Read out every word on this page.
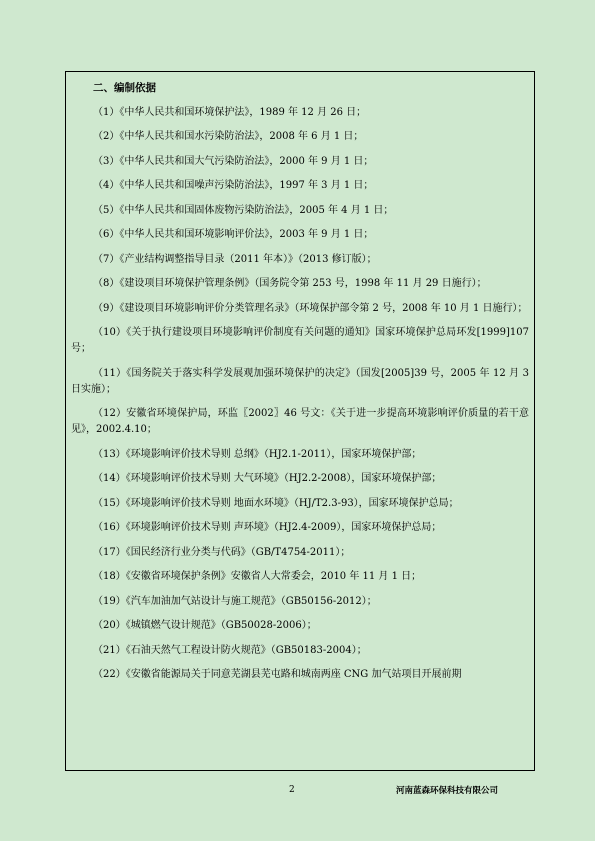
二、编制依据

（1）《中华人民共和国环境保护法》，1989 年 12 月 26 日；

（2）《中华人民共和国水污染防治法》，2008 年 6 月 1 日；

（3）《中华人民共和国大气污染防治法》，2000 年 9 月 1 日；

（4）《中华人民共和国噪声污染防治法》，1997 年 3 月 1 日；

（5）《中华人民共和国固体废物污染防治法》，2005 年 4 月 1 日；

（6）《中华人民共和国环境影响评价法》，2003 年 9 月 1 日；

（7）《产业结构调整指导目录（2011 年本）》（2013 修订版）；

（8）《建设项目环境保护管理条例》（国务院令第 253 号，1998 年 11 月 29 日施行）；

（9）《建设项目环境影响评价分类管理名录》（环境保护部令第 2 号，2008 年 10 月 1 日施行）；

（10）《关于执行建设项目环境影响评价制度有关问题的通知》国家环境保护总局环发[1999]107 号；

（11）《国务院关于落实科学发展观加强环境保护的决定》（国发[2005]39 号，2005 年 12 月 3 日实施）；

（12）安徽省环境保护局，环监〖2002〗46 号文：《关于进一步提高环境影响评价质量的若干意见》，2002.4.10；

（13）《环境影响评价技术导则 总纲》（HJ2.1-2011），国家环境保护部；

（14）《环境影响评价技术导则 大气环境》（HJ2.2-2008），国家环境保护部；

（15）《环境影响评价技术导则 地面水环境》（HJ/T2.3-93），国家环境保护总局；

（16）《环境影响评价技术导则 声环境》（HJ2.4-2009），国家环境保护总局；

（17）《国民经济行业分类与代码》（GB/T4754-2011）；

（18）《安徽省环境保护条例》安徽省人大常委会，2010 年 11 月 1 日；

（19）《汽车加油加气站设计与施工规范》（GB50156-2012）；

（20）《城镇燃气设计规范》（GB50028-2006）；

（21）《石油天然气工程设计防火规范》（GB50183-2004）；

（22）《安徽省能源局关于同意芜湖县芜屯路和城南两座 CNG 加气站项目开展前期

2	河南蓝森环保科技有限公司
